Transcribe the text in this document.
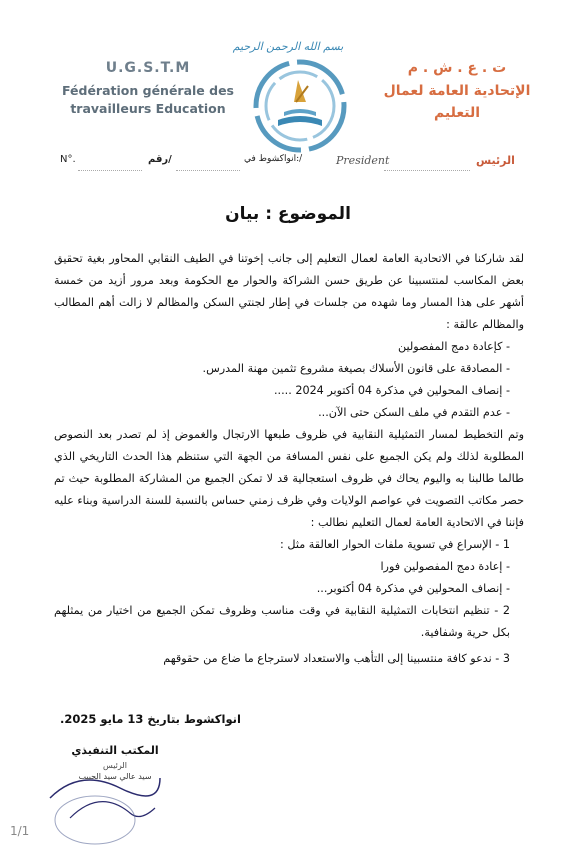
بسم الله الرحمن الرحيم
U.G.S.T.M
Fédération générale des
travailleurs Education
ت . ع . ش . م
الإتحادية العامة لعمال
التعليم
N°.	رقم/	انواكشوط في:/	President	الرئيس
الموضوع : بيان

لقد شاركنا في الاتحادية العامة لعمال التعليم إلى جانب إخوتنا في الطيف النقابي المحاور بغية تحقيق بعض المكاسب لمنتسبينا عن طريق حسن الشراكة والحوار مع الحكومة وبعد مرور أزيد من خمسة أشهر على هذا المسار وما شهده من جلسات في إطار لجنتي السكن والمظالم لا زالت أهم المطالب والمظالم عالقة :

- كإعادة دمج المفصولين
- المصادقة على قانون الأسلاك بصيغة مشروع تثمين مهنة المدرس.
- إنصاف المحولين في مذكرة 04 أكتوبر 2024 .....
- عدم التقدم في ملف السكن حتى الآن...

وتم التخطيط لمسار التمثيلية النقابية في ظروف طبعها الارتجال والغموض إذ لم تصدر بعد النصوص المطلوبة لذلك ولم يكن الجميع على نفس المسافة من الجهة التي ستنظم هذا الحدث التاريخي الذي طالما طالبنا به واليوم يحاك في ظروف استعجالية قد لا تمكن الجميع من المشاركة المطلوبة حيث تم حصر مكاتب التصويت في عواصم الولايات وفي ظرف زمني حساس بالنسبة للسنة الدراسية وبناء عليه فإننا في الاتحادية العامة لعمال التعليم نطالب :

1 - الإسراع في تسوية ملفات الحوار العالقة مثل :

- إعادة دمج المفصولين فورا
- إنصاف المحولين في مذكرة 04 أكتوبر...

2 - تنظيم انتخابات التمثيلية النقابية في وقت مناسب وظروف تمكن الجميع من اختيار من يمثلهم بكل حرية وشفافية.

3 - ندعو كافة منتسبينا إلى التأهب والاستعداد لاسترجاع ما ضاع من حقوقهم

انواكشوط بتاريخ 13 مايو 2025.
المكتب التنفيذي
الرئيس
سيد عالي سيد الحبيب
1/1
